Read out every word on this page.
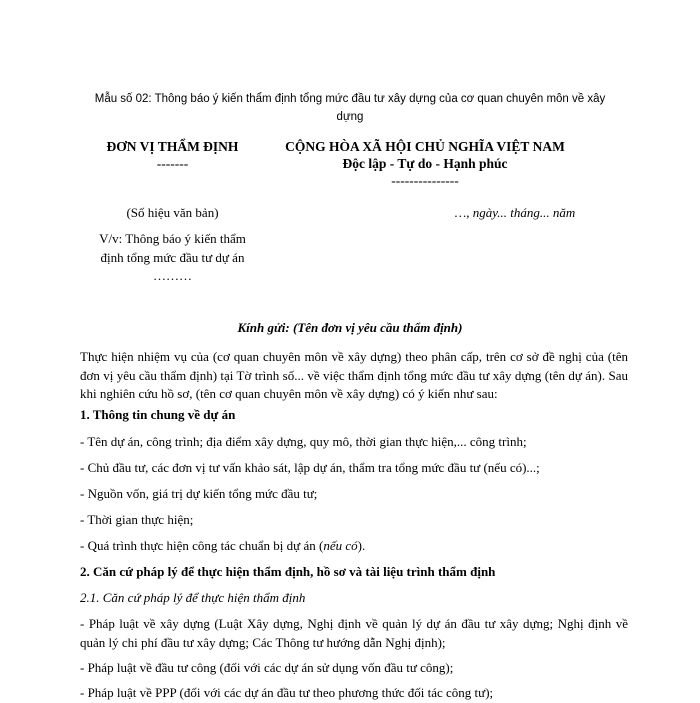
Mẫu số 02: Thông báo ý kiến thẩm định tổng mức đầu tư xây dựng của cơ quan chuyên môn về xây dựng
ĐƠN VỊ THẨM ĐỊNH
-------
CỘNG HÒA XÃ HỘI CHỦ NGHĨA VIỆT NAM
Độc lập - Tự do - Hạnh phúc
---------------
(Số hiệu văn bản)	…, ngày... tháng... năm
V/v: Thông báo ý kiến thẩm
định tổng mức đầu tư dự án
………
Kính gửi: (Tên đơn vị yêu cầu thẩm định)
Thực hiện nhiệm vụ của (cơ quan chuyên môn về xây dựng) theo phân cấp, trên cơ sở đề nghị của (tên đơn vị yêu cầu thẩm định) tại Tờ trình số... về việc thẩm định tổng mức đầu tư xây dựng (tên dự án). Sau khi nghiên cứu hồ sơ, (tên cơ quan chuyên môn về xây dựng) có ý kiến như sau:
1. Thông tin chung về dự án
- Tên dự án, công trình; địa điểm xây dựng, quy mô, thời gian thực hiện,... công trình;
- Chủ đầu tư, các đơn vị tư vấn khảo sát, lập dự án, thẩm tra tổng mức đầu tư (nếu có)...;
- Nguồn vốn, giá trị dự kiến tổng mức đầu tư;
- Thời gian thực hiện;
- Quá trình thực hiện công tác chuẩn bị dự án (nếu có).
2. Căn cứ pháp lý để thực hiện thẩm định, hồ sơ và tài liệu trình thẩm định
2.1. Căn cứ pháp lý để thực hiện thẩm định
- Pháp luật về xây dựng (Luật Xây dựng, Nghị định về quản lý dự án đầu tư xây dựng; Nghị định về quản lý chi phí đầu tư xây dựng; Các Thông tư hướng dẫn Nghị định);
- Pháp luật về đầu tư công (đối với các dự án sử dụng vốn đầu tư công);
- Pháp luật về PPP (đối với các dự án đầu tư theo phương thức đối tác công tư);
